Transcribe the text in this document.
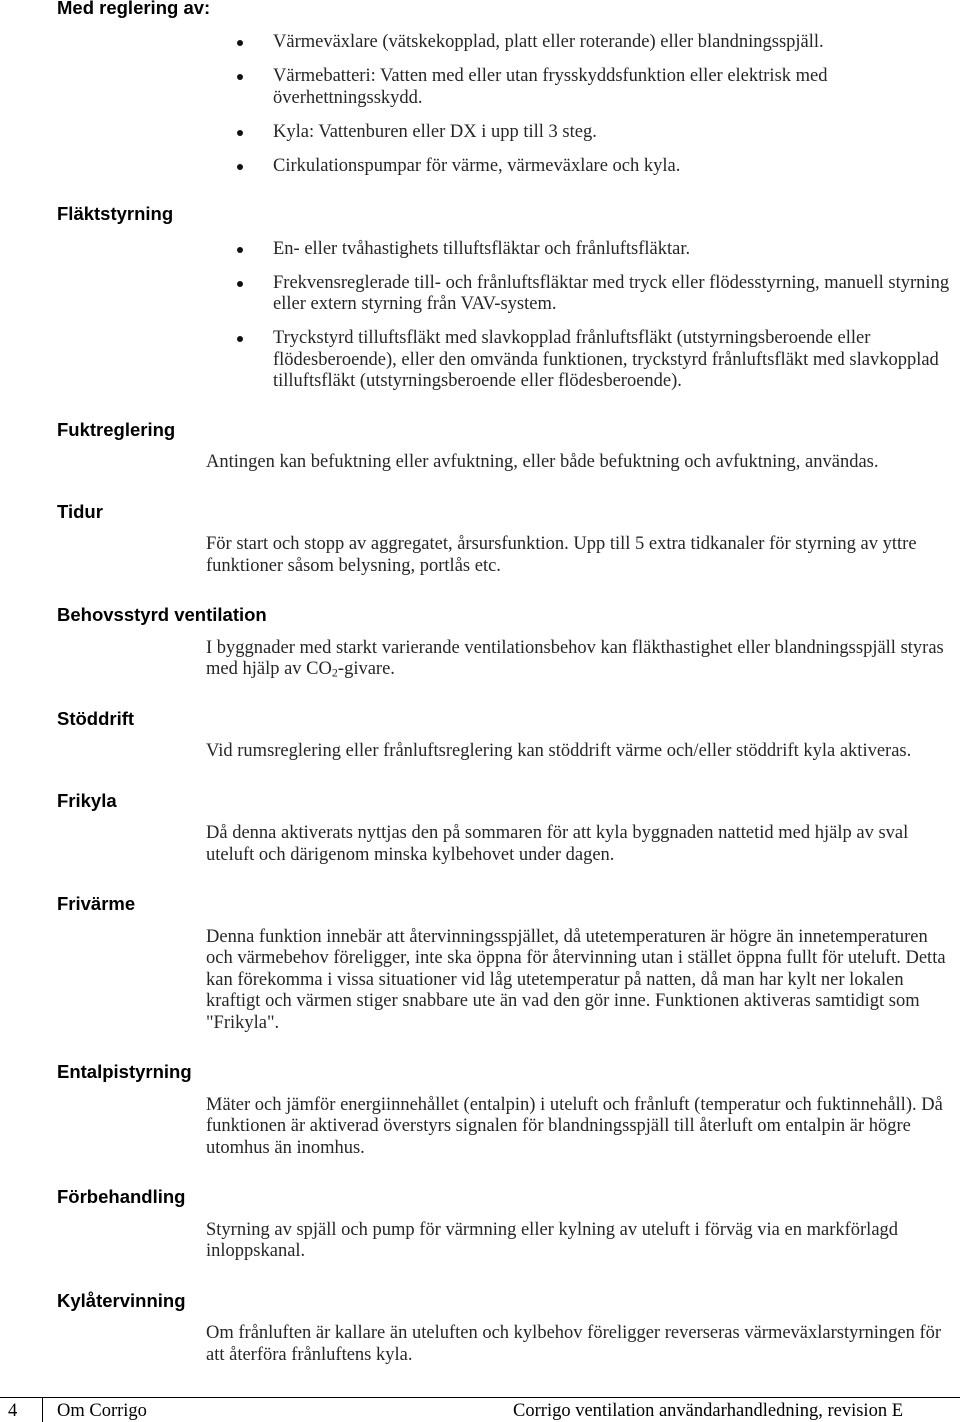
Med reglering av:
Värmeväxlare (vätskekopplad, platt eller roterande) eller blandningsspjäll.
Värmebatteri: Vatten med eller utan frysskyddsfunktion eller elektrisk med
överhettningsskydd.
Kyla: Vattenburen eller DX i upp till 3 steg.
Cirkulationspumpar för värme, värmeväxlare och kyla.
Fläktstyrning
En- eller tvåhastighets tilluftsfläktar och frånluftsfläktar.
Frekvensreglerade till- och frånluftsfläktar med tryck eller flödesstyrning, manuell styrning
eller extern styrning från VAV-system.
Tryckstyrd tilluftsfläkt med slavkopplad frånluftsfläkt (utstyrningsberoende eller
flödesberoende), eller den omvända funktionen, tryckstyrd frånluftsfläkt med slavkopplad
tilluftsfläkt (utstyrningsberoende eller flödesberoende).
Fuktreglering
Antingen kan befuktning eller avfuktning, eller både befuktning och avfuktning, användas.
Tidur
För start och stopp av aggregatet, årsursfunktion. Upp till 5 extra tidkanaler för styrning av yttre
funktioner såsom belysning, portlås etc.
Behovsstyrd ventilation
I byggnader med starkt varierande ventilationsbehov kan fläkthastighet eller blandningsspjäll styras
med hjälp av $CO_2$-givare.
Stöddrift
Vid rumsreglering eller frånluftsreglering kan stöddrift värme och/eller stöddrift kyla aktiveras.
Frikyla
Då denna aktiverats nyttjas den på sommaren för att kyla byggnaden nattetid med hjälp av sval
uteluft och därigenom minska kylbehovet under dagen.
Frivärme
Denna funktion innebär att återvinningsspjället, då utetemperaturen är högre än innetemperaturen
och värmebehov föreligger, inte ska öppna för återvinning utan i stället öppna fullt för uteluft. Detta
kan förekomma i vissa situationer vid låg utetemperatur på natten, då man har kylt ner lokalen
kraftigt och värmen stiger snabbare ute än vad den gör inne. Funktionen aktiveras samtidigt som
"Frikyla".
Entalpistyrning
Mäter och jämför energiinnehållet (entalpin) i uteluft och frånluft (temperatur och fuktinnehåll). Då
funktionen är aktiverad överstyrs signalen för blandningsspjäll till återluft om entalpin är högre
utomhus än inomhus.
Förbehandling
Styrning av spjäll och pump för värmning eller kylning av uteluft i förväg via en markförlagd
inloppskanal.
Kylåtervinning
Om frånluften är kallare än uteluften och kylbehov föreligger reverseras värmeväxlarstyrningen för
att återföra frånluftens kyla.
4 Om Corrigo	Corrigo ventilation användarhandledning, revision E
